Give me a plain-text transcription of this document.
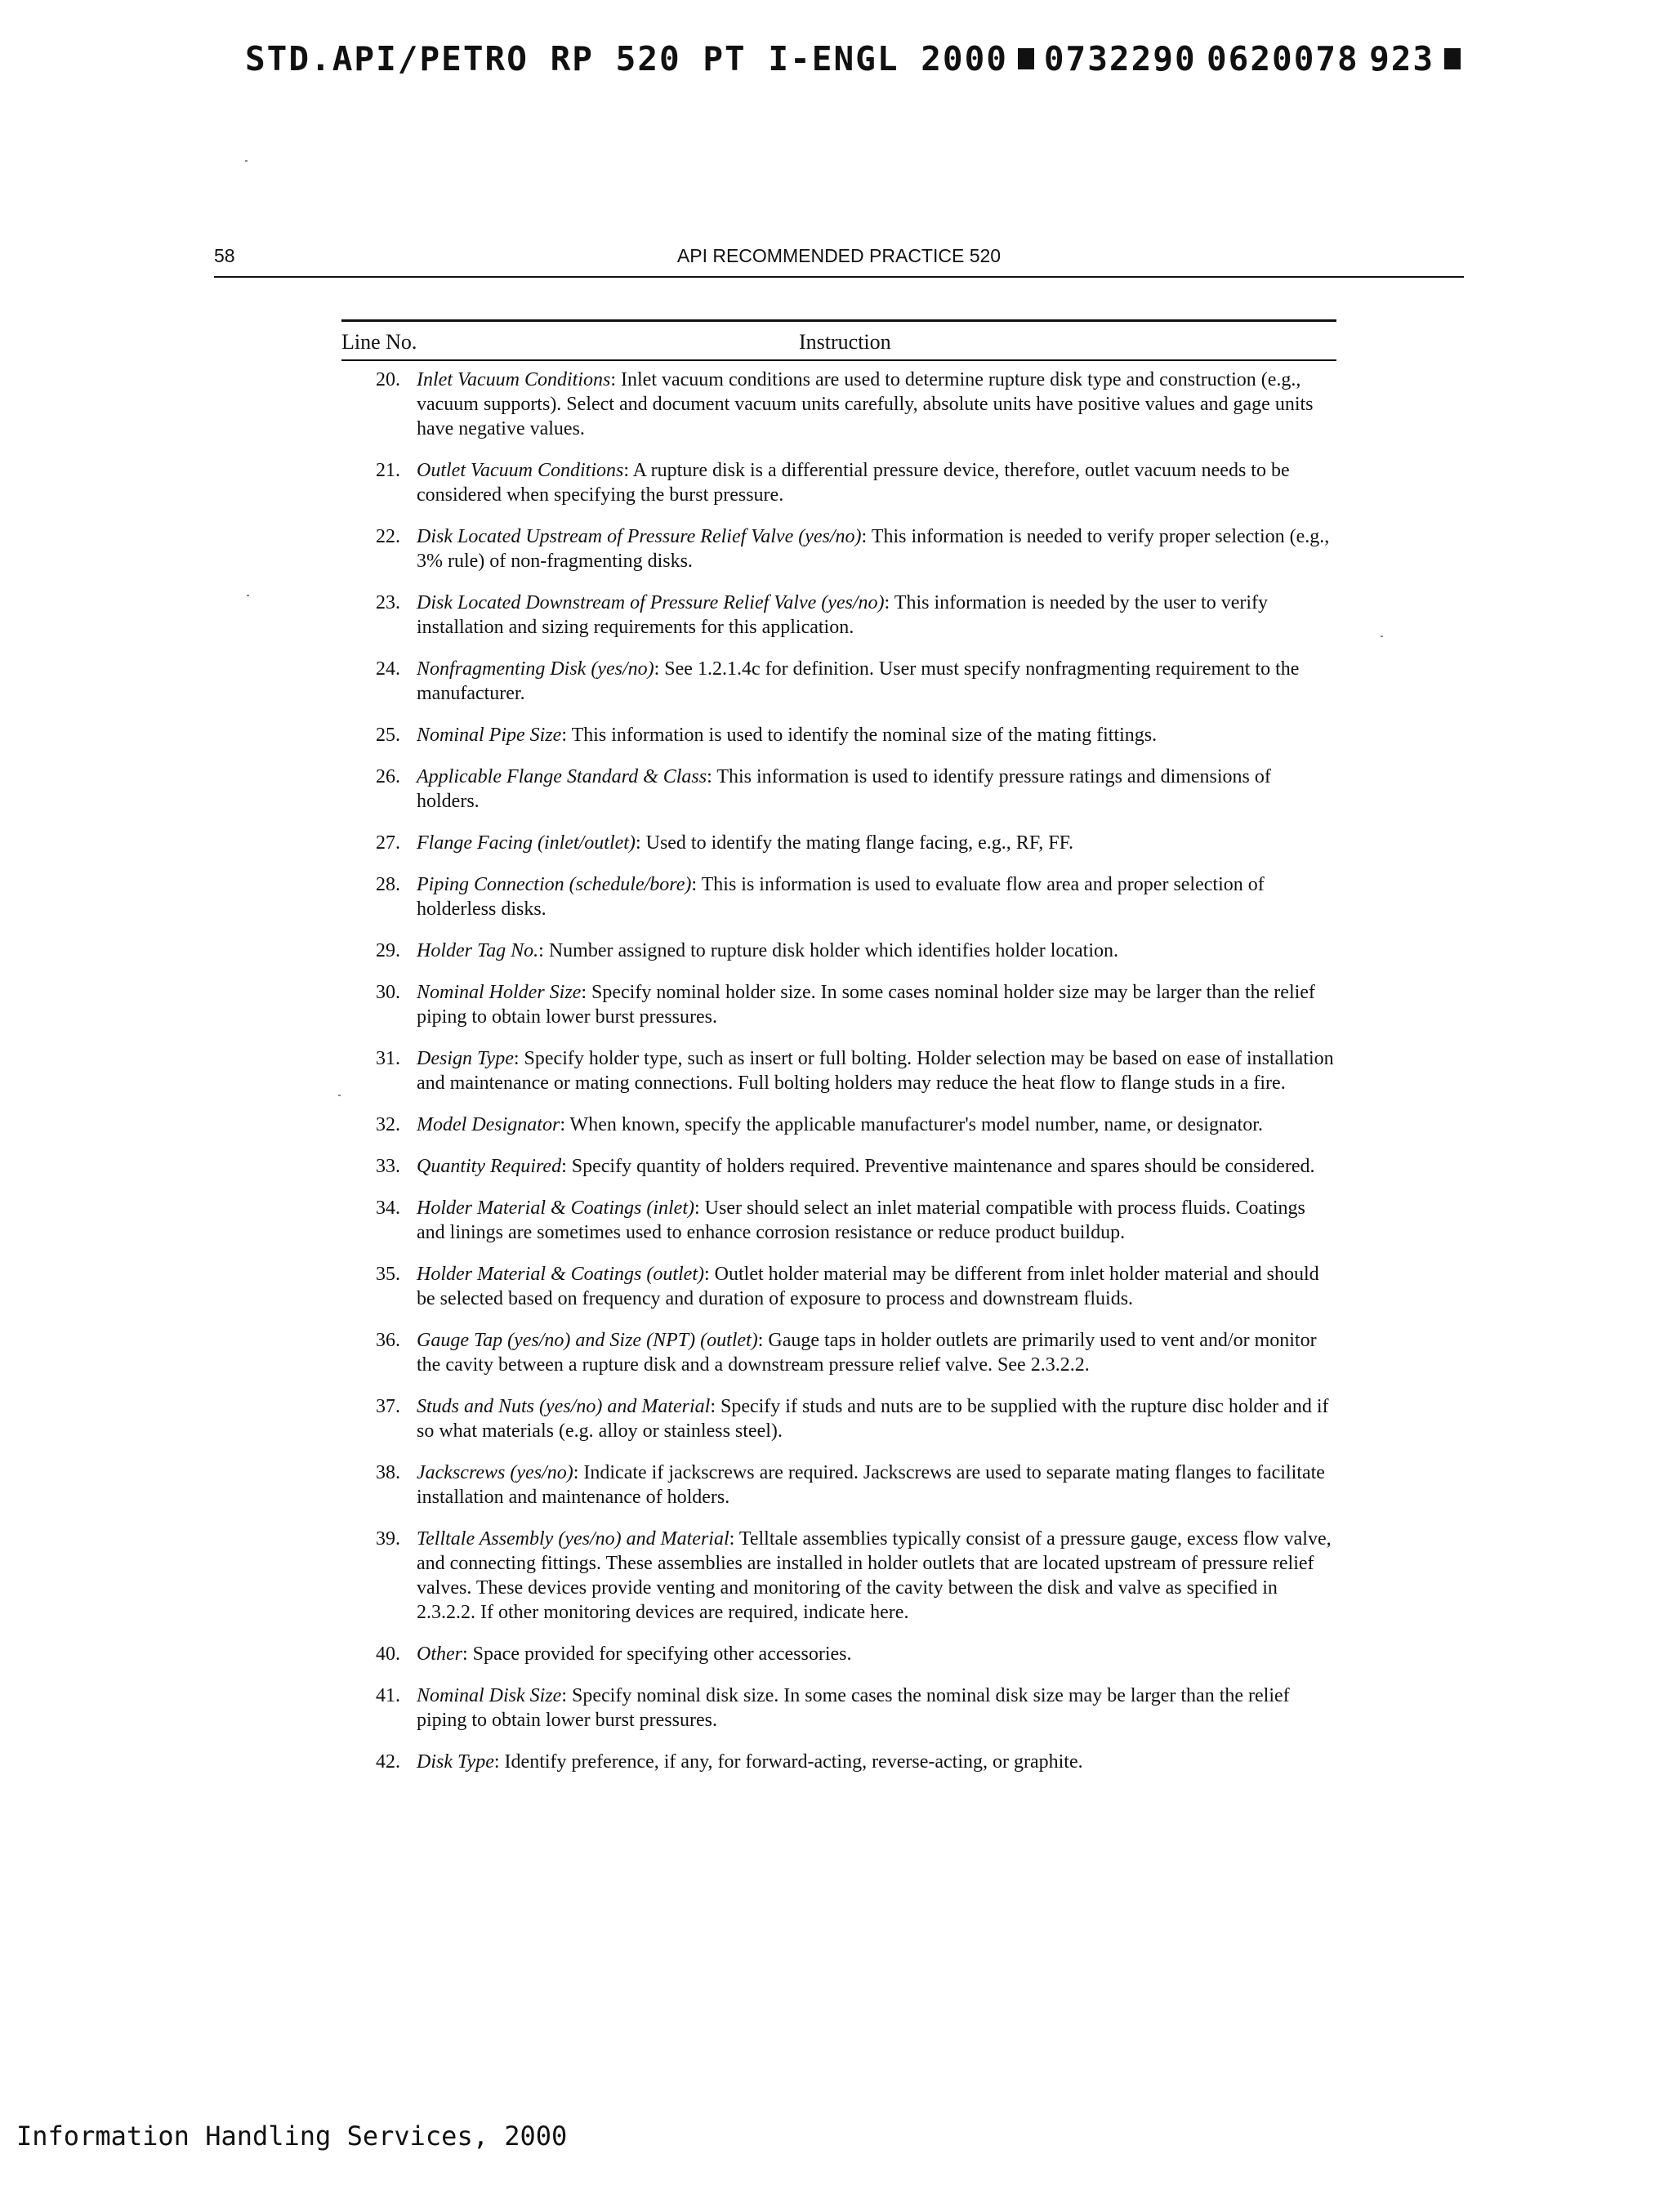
STD.API/PETRO RP 520 PT I-ENGL 2000 0732290 0620078 923
58	API RECOMMENDED PRACTICE 520
Line No.	Instruction
20. Inlet Vacuum Conditions: Inlet vacuum conditions are used to determine rupture disk type and construction (e.g., vacuum supports). Select and document vacuum units carefully, absolute units have positive values and gage units have negative values.
21. Outlet Vacuum Conditions: A rupture disk is a differential pressure device, therefore, outlet vacuum needs to be considered when specifying the burst pressure.
22. Disk Located Upstream of Pressure Relief Valve (yes/no): This information is needed to verify proper selection (e.g., 3% rule) of non-fragmenting disks.
23. Disk Located Downstream of Pressure Relief Valve (yes/no): This information is needed by the user to verify installation and sizing requirements for this application.
24. Nonfragmenting Disk (yes/no): See 1.2.1.4c for definition. User must specify nonfragmenting requirement to the manufacturer.
25. Nominal Pipe Size: This information is used to identify the nominal size of the mating fittings.
26. Applicable Flange Standard & Class: This information is used to identify pressure ratings and dimensions of holders.
27. Flange Facing (inlet/outlet): Used to identify the mating flange facing, e.g., RF, FF.
28. Piping Connection (schedule/bore): This is information is used to evaluate flow area and proper selection of holderless disks.
29. Holder Tag No.: Number assigned to rupture disk holder which identifies holder location.
30. Nominal Holder Size: Specify nominal holder size. In some cases nominal holder size may be larger than the relief piping to obtain lower burst pressures.
31. Design Type: Specify holder type, such as insert or full bolting. Holder selection may be based on ease of installation and maintenance or mating connections. Full bolting holders may reduce the heat flow to flange studs in a fire.
32. Model Designator: When known, specify the applicable manufacturer's model number, name, or designator.
33. Quantity Required: Specify quantity of holders required. Preventive maintenance and spares should be considered.
34. Holder Material & Coatings (inlet): User should select an inlet material compatible with process fluids. Coatings and linings are sometimes used to enhance corrosion resistance or reduce product buildup.
35. Holder Material & Coatings (outlet): Outlet holder material may be different from inlet holder material and should be selected based on frequency and duration of exposure to process and downstream fluids.
36. Gauge Tap (yes/no) and Size (NPT) (outlet): Gauge taps in holder outlets are primarily used to vent and/or monitor the cavity between a rupture disk and a downstream pressure relief valve. See 2.3.2.2.
37. Studs and Nuts (yes/no) and Material: Specify if studs and nuts are to be supplied with the rupture disc holder and if so what materials (e.g. alloy or stainless steel).
38. Jackscrews (yes/no): Indicate if jackscrews are required. Jackscrews are used to separate mating flanges to facilitate installation and maintenance of holders.
39. Telltale Assembly (yes/no) and Material: Telltale assemblies typically consist of a pressure gauge, excess flow valve, and connecting fittings. These assemblies are installed in holder outlets that are located upstream of pressure relief valves. These devices provide venting and monitoring of the cavity between the disk and valve as specified in 2.3.2.2. If other monitoring devices are required, indicate here.
40. Other: Space provided for specifying other accessories.
41. Nominal Disk Size: Specify nominal disk size. In some cases the nominal disk size may be larger than the relief piping to obtain lower burst pressures.
42. Disk Type: Identify preference, if any, for forward-acting, reverse-acting, or graphite.
Information Handling Services, 2000
